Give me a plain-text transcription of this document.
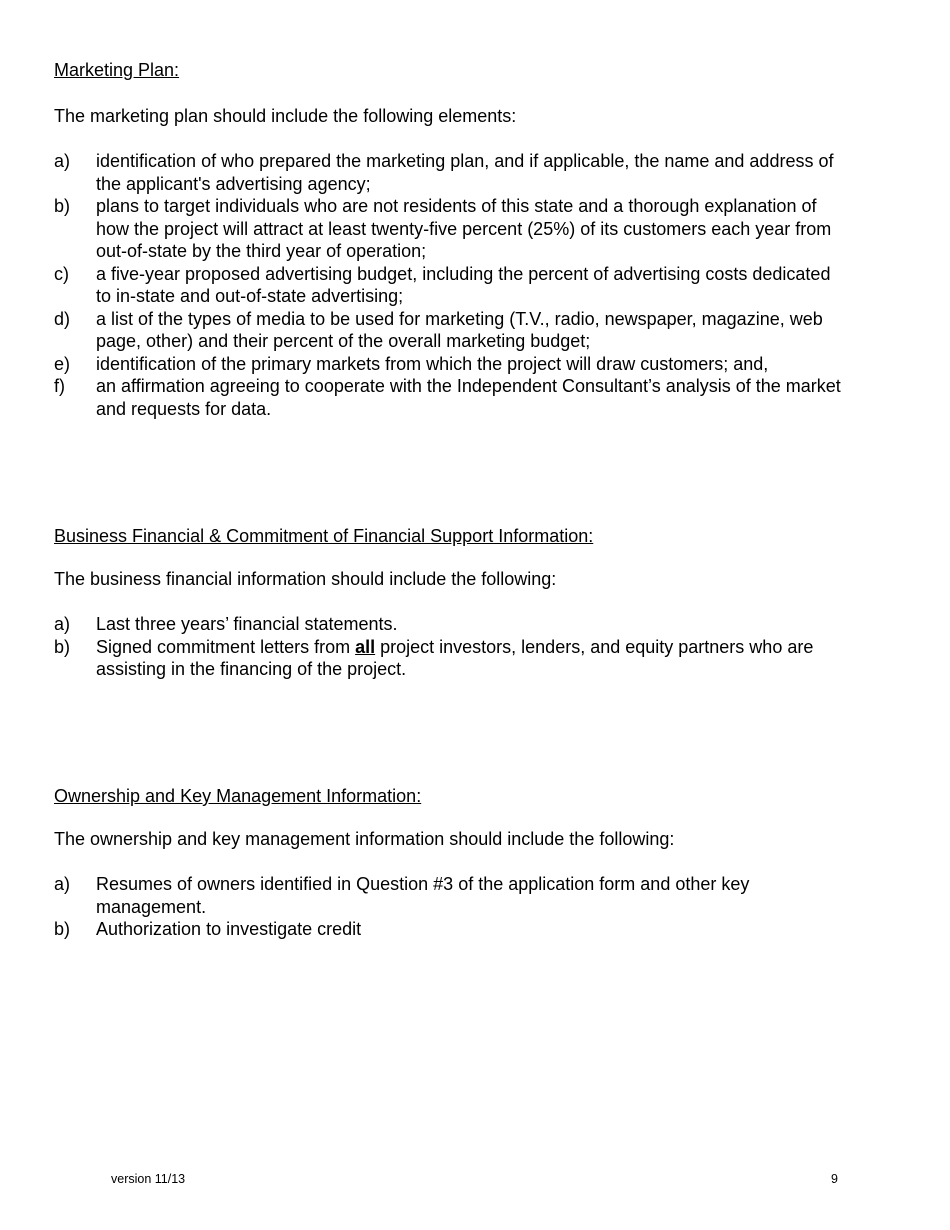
Marketing Plan:

The marketing plan should include the following elements:

a)	identification of who prepared the marketing plan, and if applicable, the name and address of the applicant's advertising agency;
b)	plans to target individuals who are not residents of this state and a thorough explanation of how the project will attract at least twenty-five percent (25%) of its customers each year from out-of-state by the third year of operation;
c)	a five-year proposed advertising budget, including the percent of advertising costs dedicated to in-state and out-of-state advertising;
d)	a list of the types of media to be used for marketing (T.V., radio, newspaper, magazine, web page, other) and their percent of the overall marketing budget;
e)	identification of the primary markets from which the project will draw customers; and,
f)	an affirmation agreeing to cooperate with the Independent Consultant’s analysis of the market and requests for data.

Business Financial & Commitment of Financial Support Information:

The business financial information should include the following:

a)	Last three years’ financial statements.
b)	Signed commitment letters from all project investors, lenders, and equity partners who are assisting in the financing of the project.

Ownership and Key Management Information:

The ownership and key management information should include the following:

a)	Resumes of owners identified in Question #3 of the application form and other key management.
b)	Authorization to investigate credit
version 11/13	9
